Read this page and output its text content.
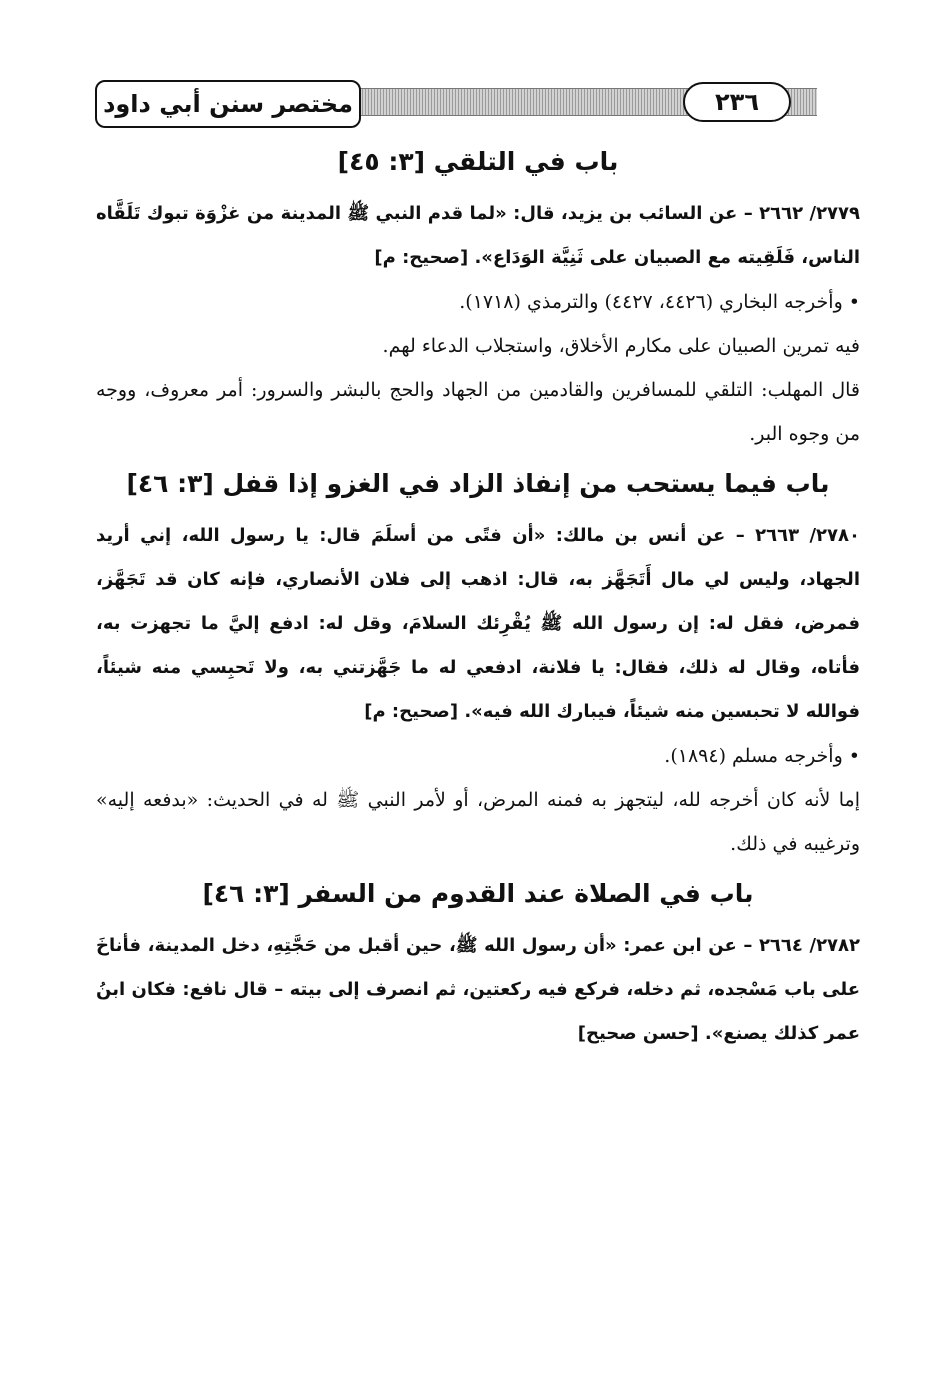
مختصر سنن أبي داود	٢٣٦
باب في التلقي [٣: ٤٥]

٢٧٧٩/ ٢٦٦٢ – عن السائب بن يزيد، قال: «لما قدم النبي ﷺ المدينة من غزْوَة تبوك تَلَقَّاه الناس، فَلَقِيته مع الصبيان على ثَنِيَّة الوَدَاع». [صحيح: م]

• وأخرجه البخاري (٤٤٢٦، ٤٤٢٧) والترمذي (١٧١٨).

فيه تمرين الصبيان على مكارم الأخلاق، واستجلاب الدعاء لهم.

قال المهلب: التلقي للمسافرين والقادمين من الجهاد والحج بالبشر والسرور: أمر معروف، ووجه من وجوه البر.

باب فيما يستحب من إنفاذ الزاد في الغزو إذا قفل [٣: ٤٦]

٢٧٨٠/ ٢٦٦٣ – عن أنس بن مالك: «أن فتًى من أسلَمَ قال: يا رسول الله، إني أريد الجهاد، وليس لي مال أَتَجَهَّز به، قال: اذهب إلى فلان الأنصاري، فإنه كان قد تَجَهَّز، فمرض، فقل له: إن رسول الله ﷺ يُقْرِئك السلامَ، وقل له: ادفع إليَّ ما تجهزت به، فأتاه، وقال له ذلك، فقال: يا فلانة، ادفعي له ما جَهَّزتني به، ولا تَحبِسي منه شيئاً، فوالله لا تحبسين منه شيئاً، فيبارك الله فيه». [صحيح: م]

• وأخرجه مسلم (١٨٩٤).

إما لأنه كان أخرجه لله، ليتجهز به فمنه المرض، أو لأمر النبي ﷺ له في الحديث: «بدفعه إليه» وترغيبه في ذلك.

باب في الصلاة عند القدوم من السفر [٣: ٤٦]

٢٧٨٢/ ٢٦٦٤ – عن ابن عمر: «أن رسول الله ﷺ، حين أقبل من حَجَّتِهِ، دخل المدينة، فأناخَ على باب مَسْجده، ثم دخله، فركع فيه ركعتين، ثم انصرف إلى بيته – قال نافع: فكان ابنُ عمر كذلك يصنع». [حسن صحيح]
